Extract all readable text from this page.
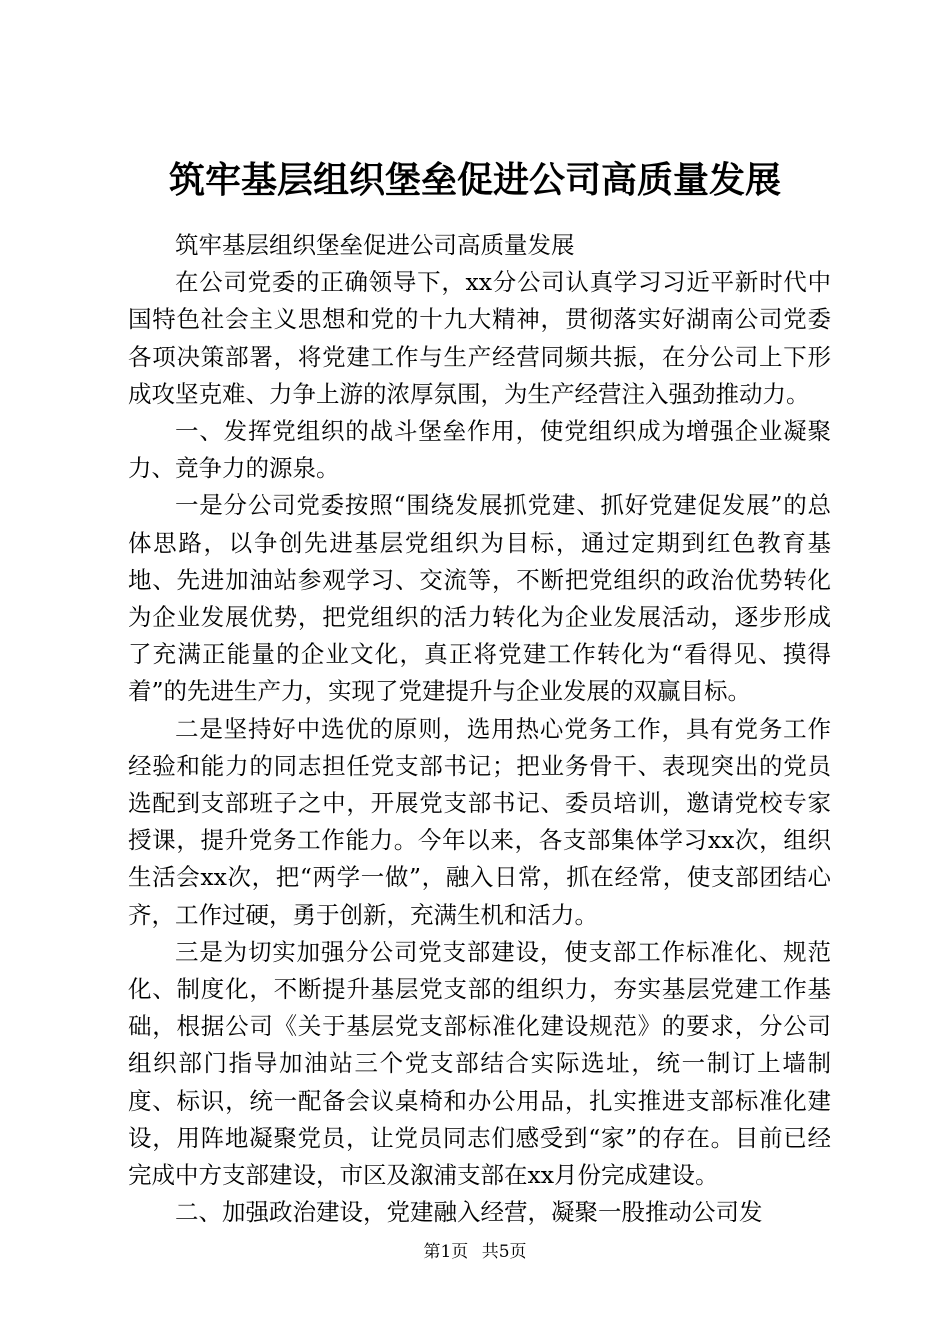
筑牢基层组织堡垒促进公司高质量发展

筑牢基层组织堡垒促进公司高质量发展

在公司党委的正确领导下，xx分公司认真学习习近平新时代中国特色社会主义思想和党的十九大精神，贯彻落实好湖南公司党委各项决策部署，将党建工作与生产经营同频共振，在分公司上下形成攻坚克难、力争上游的浓厚氛围，为生产经营注入强劲推动力。

一、发挥党组织的战斗堡垒作用，使党组织成为增强企业凝聚力、竞争力的源泉。

一是分公司党委按照“围绕发展抓党建、抓好党建促发展”的总体思路，以争创先进基层党组织为目标，通过定期到红色教育基地、先进加油站参观学习、交流等，不断把党组织的政治优势转化为企业发展优势，把党组织的活力转化为企业发展活动，逐步形成了充满正能量的企业文化，真正将党建工作转化为“看得见、摸得着”的先进生产力，实现了党建提升与企业发展的双赢目标。

二是坚持好中选优的原则，选用热心党务工作，具有党务工作经验和能力的同志担任党支部书记；把业务骨干、表现突出的党员选配到支部班子之中，开展党支部书记、委员培训，邀请党校专家授课，提升党务工作能力。今年以来，各支部集体学习xx次，组织生活会xx次，把“两学一做”，融入日常，抓在经常，使支部团结心齐，工作过硬，勇于创新，充满生机和活力。

三是为切实加强分公司党支部建设，使支部工作标准化、规范化、制度化，不断提升基层党支部的组织力，夯实基层党建工作基础，根据公司《关于基层党支部标准化建设规范》的要求，分公司组织部门指导加油站三个党支部结合实际选址，统一制订上墙制度、标识，统一配备会议桌椅和办公用品，扎实推进支部标准化建设，用阵地凝聚党员，让党员同志们感受到“家”的存在。目前已经完成中方支部建设，市区及溆浦支部在xx月份完成建设。

二、加强政治建设，党建融入经营，凝聚一股推动公司发

第1页 共5页
